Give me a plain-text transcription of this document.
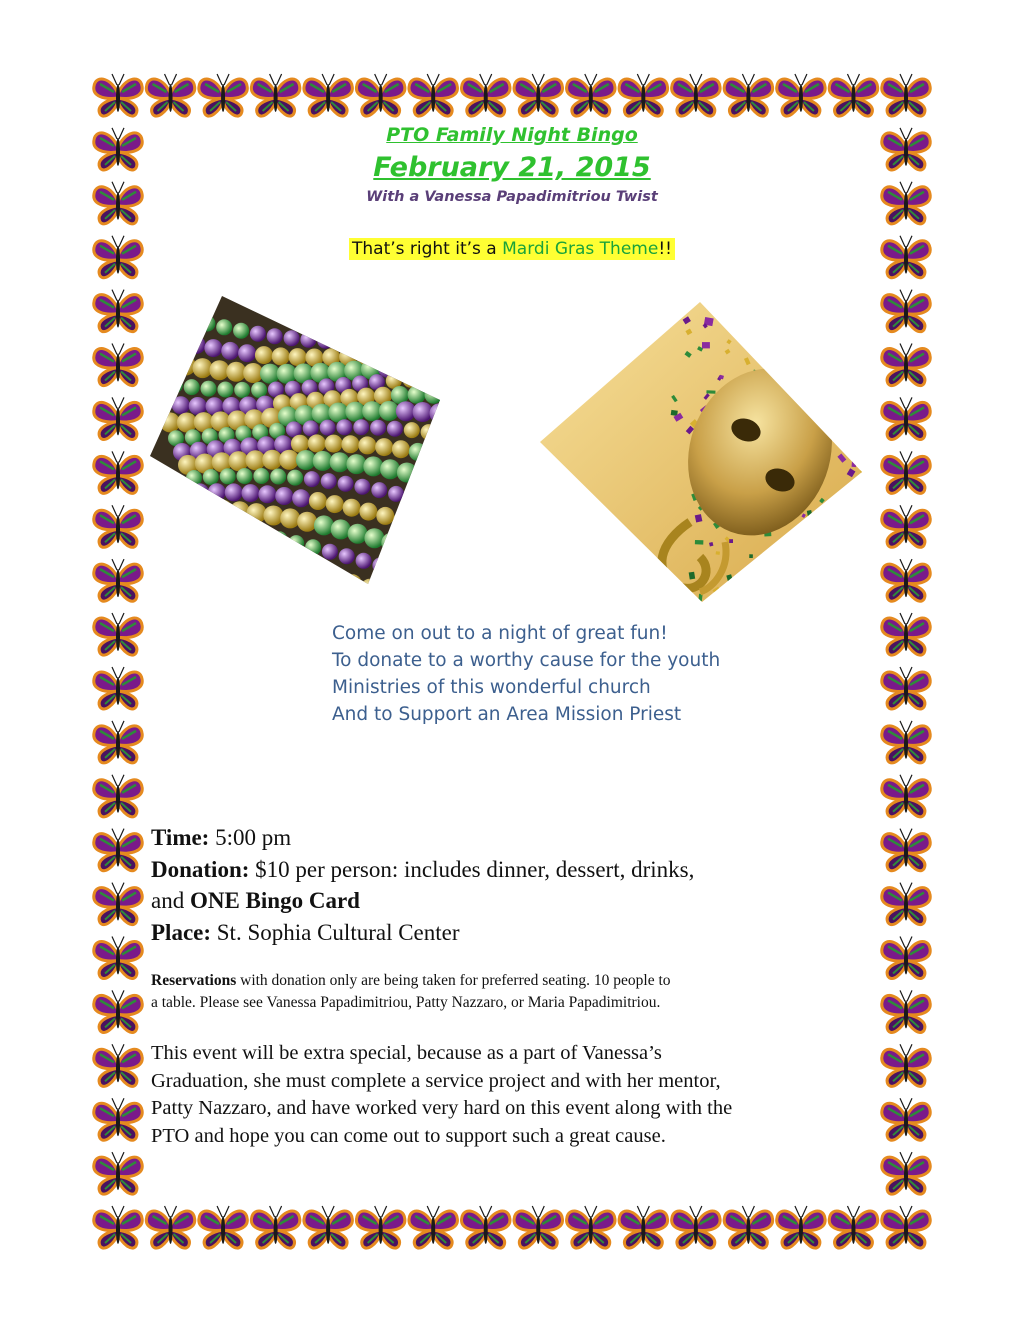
PTO Family Night Bingo
February 21, 2015
With a Vanessa Papadimitriou Twist
That’s right it’s a Mardi Gras Theme!!
Come on out to a night of great fun!
To donate to a worthy cause for the youth
Ministries of this wonderful church
And to Support an Area Mission Priest
Time: 5:00 pm
Donation: $10 per person: includes dinner, dessert, drinks,
and ONE Bingo Card
Place: St. Sophia Cultural Center
Reservations with donation only are being taken for preferred seating. 10 people to
a table. Please see Vanessa Papadimitriou, Patty Nazzaro, or Maria Papadimitriou.
This event will be extra special, because as a part of Vanessa’s
Graduation, she must complete a service project and with her mentor,
Patty Nazzaro, and have worked very hard on this event along with the
PTO and hope you can come out to support such a great cause.
